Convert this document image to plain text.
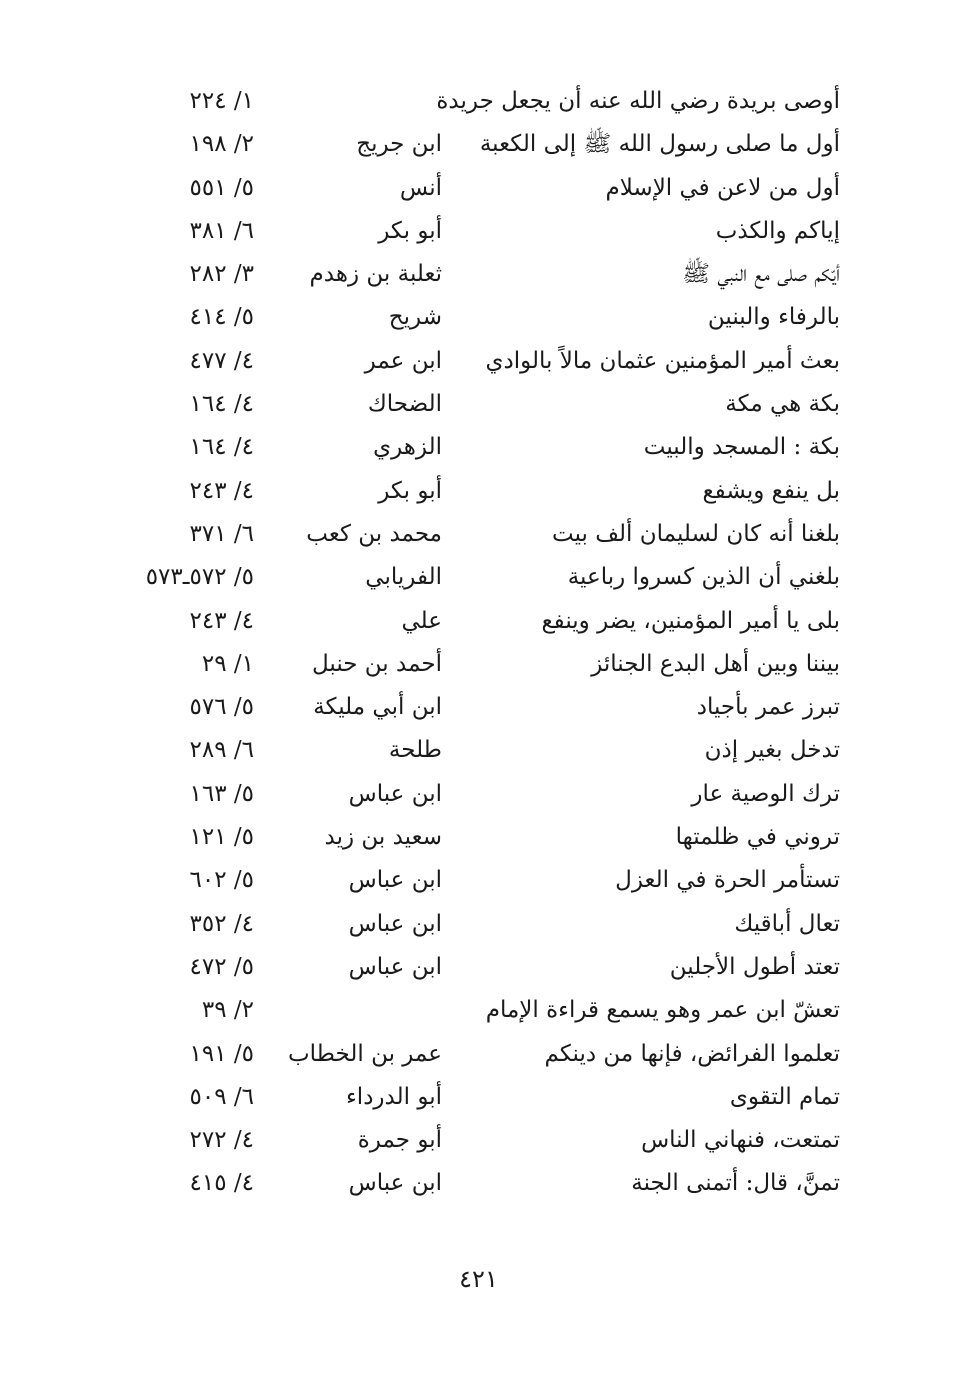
أوصى بريدة رضي الله عنه أن يجعل جريدة
١/ ٢٢٤
أول ما صلى رسول الله ﷺ إلى الكعبة
ابن جريج
٢/ ١٩٨
أول من لاعن في الإسلام
أنس
٥/ ٥٥١
إياكم والكذب
أبو بكر
٦/ ٣٨١
أيّكم صلى مع النبي ﷺ
ثعلبة بن زهدم
٣/ ٢٨٢
بالرفاء والبنين
شريح
٥/ ٤١٤
بعث أمير المؤمنين عثمان مالاً بالوادي
ابن عمر
٤/ ٤٧٧
بكة هي مكة
الضحاك
٤/ ١٦٤
بكة : المسجد والبيت
الزهري
٤/ ١٦٤
بل ينفع ويشفع
أبو بكر
٤/ ٢٤٣
بلغنا أنه كان لسليمان ألف بيت
محمد بن كعب
٦/ ٣٧١
بلغني أن الذين كسروا رباعية
الفريابي
٥/ ٥٧٢ـ٥٧٣
بلى يا أمير المؤمنين، يضر وينفع
علي
٤/ ٢٤٣
بيننا وبين أهل البدع الجنائز
أحمد بن حنبل
١/ ٢٩
تبرز عمر بأجياد
ابن أبي مليكة
٥/ ٥٧٦
تدخل بغير إذن
طلحة
٦/ ٢٨٩
ترك الوصية عار
ابن عباس
٥/ ١٦٣
تروني في ظلمتها
سعيد بن زيد
٥/ ١٢١
تستأمر الحرة في العزل
ابن عباس
٥/ ٦٠٢
تعال أباقيك
ابن عباس
٤/ ٣٥٢
تعتد أطول الأجلين
ابن عباس
٥/ ٤٧٢
تعشّ ابن عمر وهو يسمع قراءة الإمام
٢/ ٣٩
تعلموا الفرائض، فإنها من دينكم
عمر بن الخطاب
٥/ ١٩١
تمام التقوى
أبو الدرداء
٦/ ٥٠٩
تمتعت، فنهاني الناس
أبو جمرة
٤/ ٢٧٢
تمنَّ، قال: أتمنى الجنة
ابن عباس
٤/ ٤١٥
٤٢١
